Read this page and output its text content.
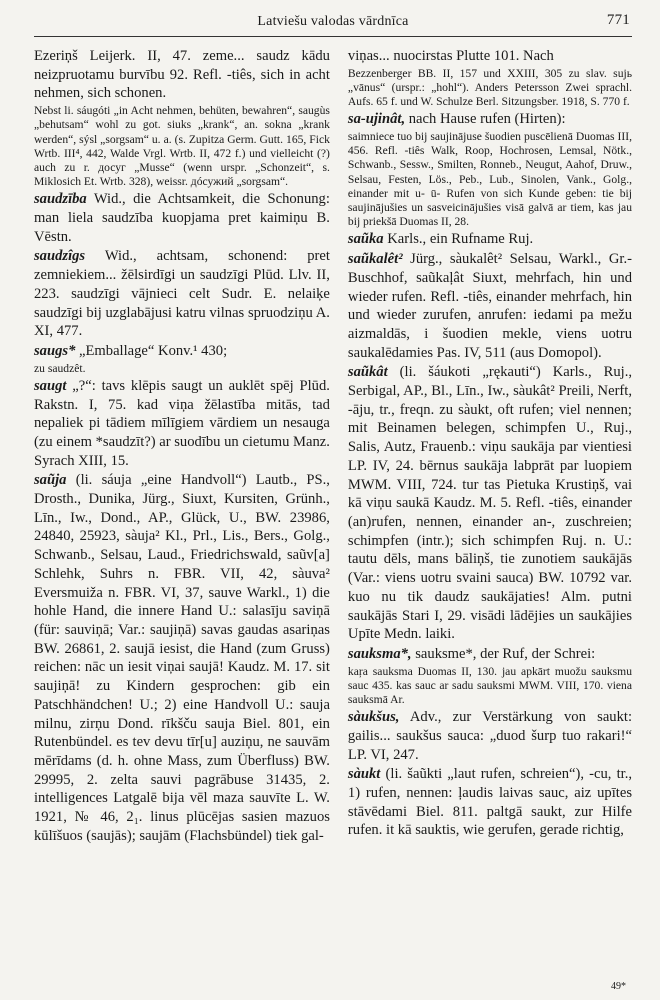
Latviešu valodas vārdnīca	771
Ezeriņš Leijerk. II, 47. zeme... saudz kādu neizpruotamu burvību 92. Refl. -tiês, sich in acht nehmen, sich schonen.
Nebst li. sáugóti „in Acht nehmen, behüten, bewahren“, saugùs „behutsam“ wohl zu got. siuks „krank“, an. sokna „krank werden“, sýsl „sorgsam“ u. a. (s. Zupitza Germ. Gutt. 165, Fick Wrtb. III⁴, 442, Walde Vrgl. Wrtb. II, 472 f.) und vielleicht (?) auch zu r. досуг „Musse“ (wenn urspr. „Schonzeit“, s. Miklosich Et. Wrtb. 328), weissr. дóсужий „sorgsam“.
saudzība Wid., die Achtsamkeit, die Schonung: man liela saudzība kuopjama pret kaimiņu B. Vēstn.
saudzîgs Wid., achtsam, schonend: pret zemniekiem... žēlsirdīgi un saudzīgi Plūd. Llv. II, 223. saudzīgi vājnieci celt Sudr. E. nelaiķe saudzīgi bij uzglabājusi katru vilnas spruodziņu A. XI, 477.
saugs* „Emballage“ Konv.¹ 430;
zu saudzêt.
saugt „?“: tavs klēpis saugt un auklēt spēj Plūd. Rakstn. I, 75. kad viņa žēlastība mitās, tad nepaliek pi tādiem mīlīgiem vārdiem un nesauga (zu einem *saudzīt?) ar suodību un cietumu Manz. Syrach XIII, 15.
saũja (li. sáuja „eine Handvoll“) Lautb., PS., Drosth., Dunika, Jürg., Siuxt, Kursiten, Grünh., Līn., Iw., Dond., AP., Glück, U., BW. 23986, 24840, 25923, sàuja² Kl., Prl., Lis., Bers., Golg., Schwanb., Selsau, Laud., Friedrichswald, saũv[a] Schlehk, Suhrs n. FBR. VII, 42, sàuva² Eversmuiža n. FBR. VI, 37, sauve Warkl., 1) die hohle Hand, die innere Hand U.: salasīju saviņā (für: sauviņā; Var.: saujiņā) savas gaudas asariņas BW. 26861, 2. saujā iesist, die Hand (zum Gruss) reichen: nāc un iesit viņai saujā! Kaudz. M. 17. sit saujiņā! zu Kindern gesprochen: gib ein Patschhändchen! U.; 2) eine Handvoll U.: sauja milnu, zirņu Dond. rīkšču sauja Biel. 801, ein Rutenbündel. es tev devu tīr[u] auziņu, ne sauvām mērīdams (d. h. ohne Mass, zum Überfluss) BW. 29995, 2. zelta sauvi pagrābuse 31435, 2. intelligences Latgalē bija vēl maza sauvīte L. W. 1921, № 46, 2₁. linus plūcējas sasien mazuos kūlīšuos (saujās); saujām (Flachsbündel) tiek gal-
viņas... nuocirstas Plutte 101. Nach
Bezzenberger BB. II, 157 und XXIII, 305 zu slav. sujь „vānus“ (urspr.: „hohl“). Anders Petersson Zwei sprachl. Aufs. 65 f. und W. Schulze Berl. Sitzungsber. 1918, S. 770 f.
sa-ujinât, nach Hause rufen (Hirten):
saimniece tuo bij saujinājuse šuodien puscēlienā Duomas III, 456. Refl. -tiês Walk, Roop, Hochrosen, Lemsal, Nötk., Schwanb., Sessw., Smilten, Ronneb., Neugut, Aahof, Druw., Selsau, Festen, Lös., Peb., Lub., Sinolen, Vank., Golg., einander mit u- ū- Rufen von sich Kunde geben: tie bij saujinājušies un sasveicinājušies visā galvā ar tiem, kas jau bij priekšā Duomas II, 28.
saũka Karls., ein Rufname Ruj.
saũkalêt² Jürg., sàukalêt² Selsau, Warkl., Gr.-Buschhof, saũkaļât Siuxt, mehrfach, hin und wieder rufen. Refl. -tiês, einander mehrfach, hin und wieder zurufen, anrufen: iedami pa mežu aizmaldās, i šuodien mekle, viens uotru saukalēdamies Pas. IV, 511 (aus Domopol).
saũkât (li. šáukoti „rękauti“) Karls., Ruj., Serbigal, AP., Bl., Līn., Iw., sàukât² Preili, Nerft, -āju, tr., freqn. zu sàukt, oft rufen; viel nennen; mit Beinamen belegen, schimpfen U., Ruj., Salis, Autz, Frauenb.: viņu saukāja par vientiesi LP. IV, 24. bērnus saukāja labprāt par luopiem MWM. VIII, 724. tur tas Pietuka Krustiņš, vai kā viņu saukā Kaudz. M. 5. Refl. -tiês, einander (an)rufen, nennen, einander an-, zuschreien; schimpfen (intr.); sich schimpfen Ruj. n. U.: tautu dēls, mans bāliņš, tie zunotiem saukājās (Var.: viens uotru svaini sauca) BW. 10792 var. kuo nu tik daudz saukājaties! Alm. putni saukājās Stari I, 29. visādi lādējies un saukājies Upīte Medn. laiki.
sauksma*, sauksme*, der Ruf, der Schrei:
kaŗa sauksma Duomas II, 130. jau apkārt muožu sauksmu sauc 435. kas sauc ar sadu sauksmi MWM. VIII, 170. viena sauksmā Ar.
sàukšus, Adv., zur Verstärkung von saukt: gailis... saukšus sauca: „duod šurp tuo rakari!“ LP. VI, 247.
sàukt (li. šaũkti „laut rufen, schreien“), -cu, tr., 1) rufen, nennen: ļaudis laivas sauc, aiz upītes stāvēdami Biel. 811. paltgā saukt, zur Hilfe rufen. it kā sauktis, wie gerufen, gerade richtig,
49*
